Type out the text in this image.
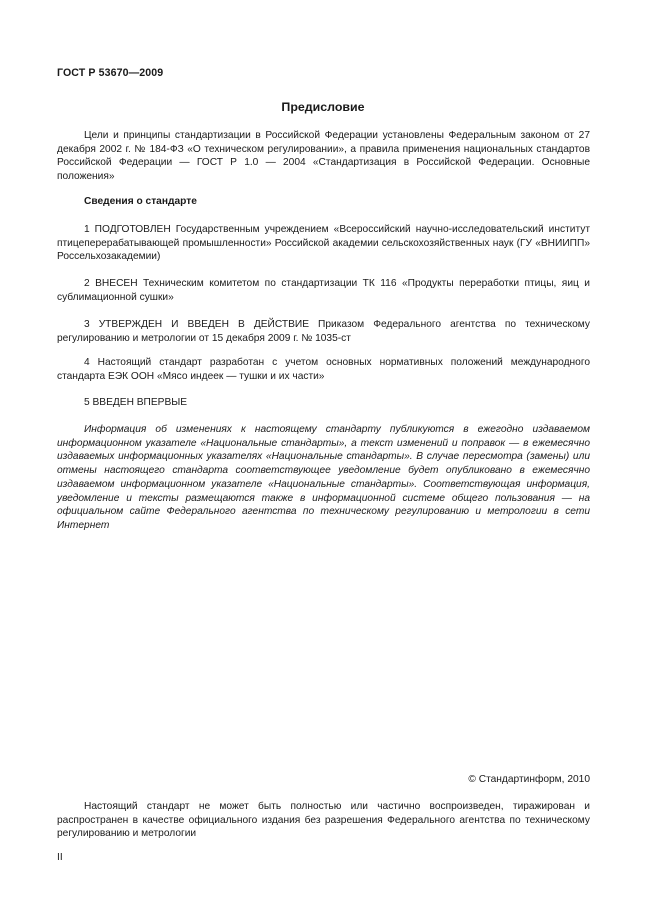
ГОСТ Р 53670—2009
Предисловие

Цели и принципы стандартизации в Российской Федерации установлены Федеральным законом от 27 декабря 2002 г. № 184-ФЗ «О техническом регулировании», а правила применения национальных стандартов Российской Федерации — ГОСТ Р 1.0 — 2004 «Стандартизация в Российской Федерации. Основные положения»

Сведения о стандарте

1 ПОДГОТОВЛЕН Государственным учреждением «Всероссийский научно-исследовательский институт птицеперерабатывающей промышленности» Российской академии сельскохозяйственных наук (ГУ «ВНИИПП» Россельхозакадемии)

2 ВНЕСЕН Техническим комитетом по стандартизации ТК 116 «Продукты переработки птицы, яиц и сублимационной сушки»

3 УТВЕРЖДЕН И ВВЕДЕН В ДЕЙСТВИЕ Приказом Федерального агентства по техническому регулированию и метрологии от 15 декабря 2009 г. № 1035-ст

4 Настоящий стандарт разработан с учетом основных нормативных положений международного стандарта ЕЭК ООН «Мясо индеек — тушки и их части»

5 ВВЕДЕН ВПЕРВЫЕ

Информация об изменениях к настоящему стандарту публикуются в ежегодно издаваемом информационном указателе «Национальные стандарты», а текст изменений и поправок — в ежемесячно издаваемых информационных указателях «Национальные стандарты». В случае пересмотра (замены) или отмены настоящего стандарта соответствующее уведомление будет опубликовано в ежемесячно издаваемом информационном указателе «Национальные стандарты». Соответствующая информация, уведомление и тексты размещаются также в информационной системе общего пользования — на официальном сайте Федерального агентства по техническому регулированию и метрологии в сети Интернет

© Стандартинформ, 2010

Настоящий стандарт не может быть полностью или частично воспроизведен, тиражирован и распространен в качестве официального издания без разрешения Федерального агентства по техническому регулированию и метрологии

II
